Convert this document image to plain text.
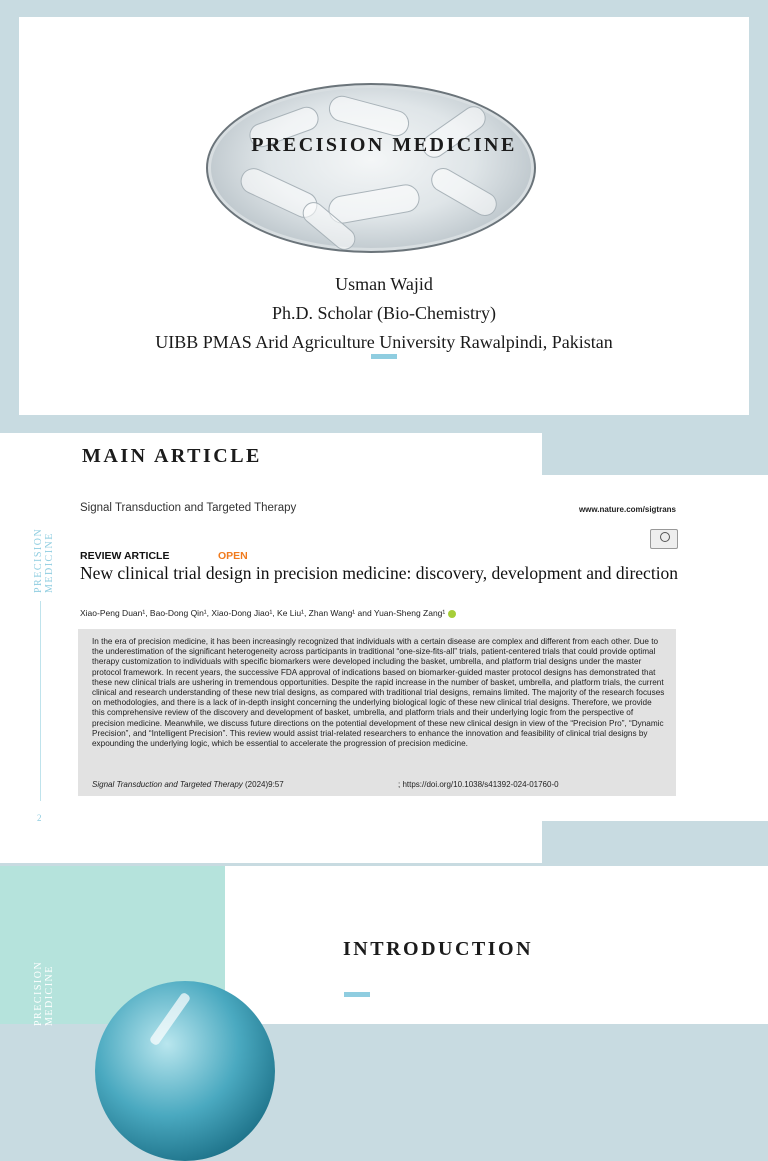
PRECISION MEDICINE
Usman Wajid
Ph.D. Scholar (Bio-Chemistry)
UIBB PMAS Arid Agriculture University Rawalpindi, Pakistan
PRECISION MEDICINE
2
MAIN ARTICLE
Signal Transduction and Targeted Therapy	www.nature.com/sigtrans
REVIEW ARTICLE	OPEN
New clinical trial design in precision medicine: discovery, development and direction
Xiao-Peng Duan¹, Bao-Dong Qin¹, Xiao-Dong Jiao¹, Ke Liu¹, Zhan Wang¹ and Yuan-Sheng Zang¹
In the era of precision medicine, it has been increasingly recognized that individuals with a certain disease are complex and different from each other. Due to the underestimation of the significant heterogeneity across participants in traditional “one-size-fits-all” trials, patient-centered trials that could provide optimal therapy customization to individuals with specific biomarkers were developed including the basket, umbrella, and platform trial designs under the master protocol framework. In recent years, the successive FDA approval of indications based on biomarker-guided master protocol designs has demonstrated that these new clinical trials are ushering in tremendous opportunities. Despite the rapid increase in the number of basket, umbrella, and platform trials, the current clinical and research understanding of these new trial designs, as compared with traditional trial designs, remains limited. The majority of the research focuses on methodologies, and there is a lack of in-depth insight concerning the underlying biological logic of these new clinical trial designs. Therefore, we provide this comprehensive review of the discovery and development of basket, umbrella, and platform trials and their underlying logic from the perspective of precision medicine. Meanwhile, we discuss future directions on the potential development of these new clinical design in view of the “Precision Pro”, “Dynamic Precision”, and “Intelligent Precision”. This review would assist trial-related researchers to enhance the innovation and feasibility of clinical trial designs by expounding the underlying logic, which be essential to accelerate the progression of precision medicine.
Signal Transduction and Targeted Therapy (2024)9:57	; https://doi.org/10.1038/s41392-024-01760-0
PRECISION MEDICINE
INTRODUCTION
